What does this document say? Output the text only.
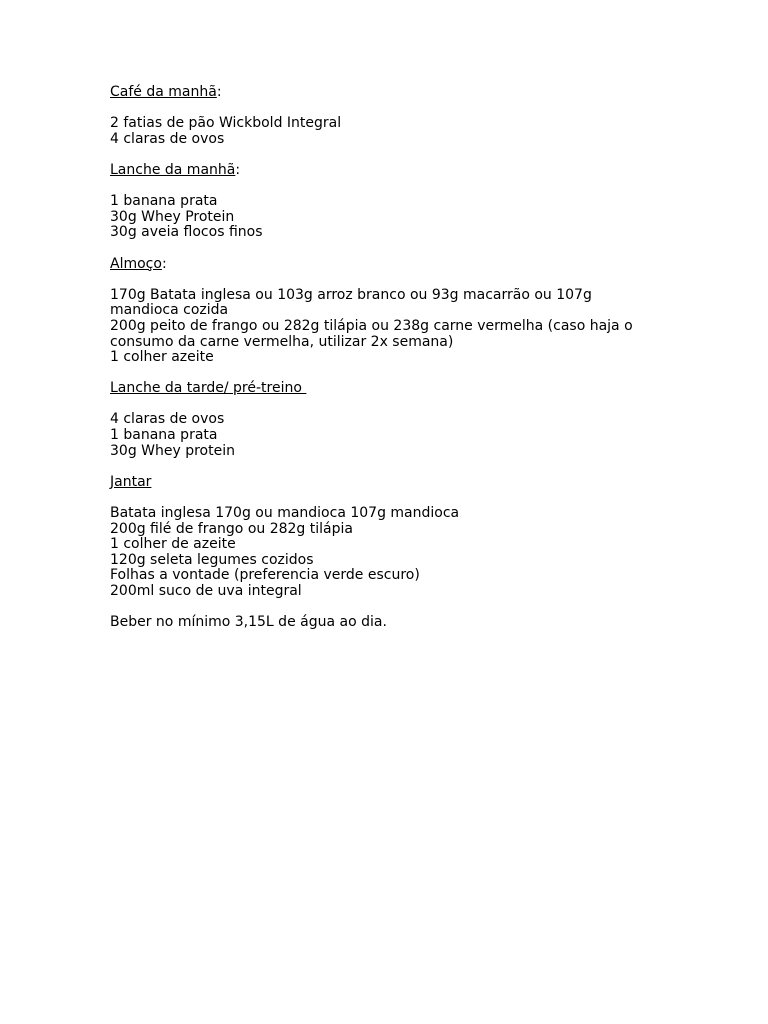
Café da manhã:
2 fatias de pão Wickbold Integral
4 claras de ovos
Lanche da manhã:
1 banana prata
30g Whey Protein
30g aveia flocos finos
Almoço:
170g Batata inglesa ou 103g arroz branco ou 93g macarrão ou 107g
mandioca cozida
200g peito de frango ou 282g tilápia ou 238g carne vermelha (caso haja o
consumo da carne vermelha, utilizar 2x semana)
1 colher azeite
Lanche da tarde/ pré-treino
4 claras de ovos
1 banana prata
30g Whey protein
Jantar
Batata inglesa 170g ou mandioca 107g mandioca
200g filé de frango ou 282g tilápia
1 colher de azeite
120g seleta legumes cozidos
Folhas a vontade (preferencia verde escuro)
200ml suco de uva integral
Beber no mínimo 3,15L de água ao dia.
